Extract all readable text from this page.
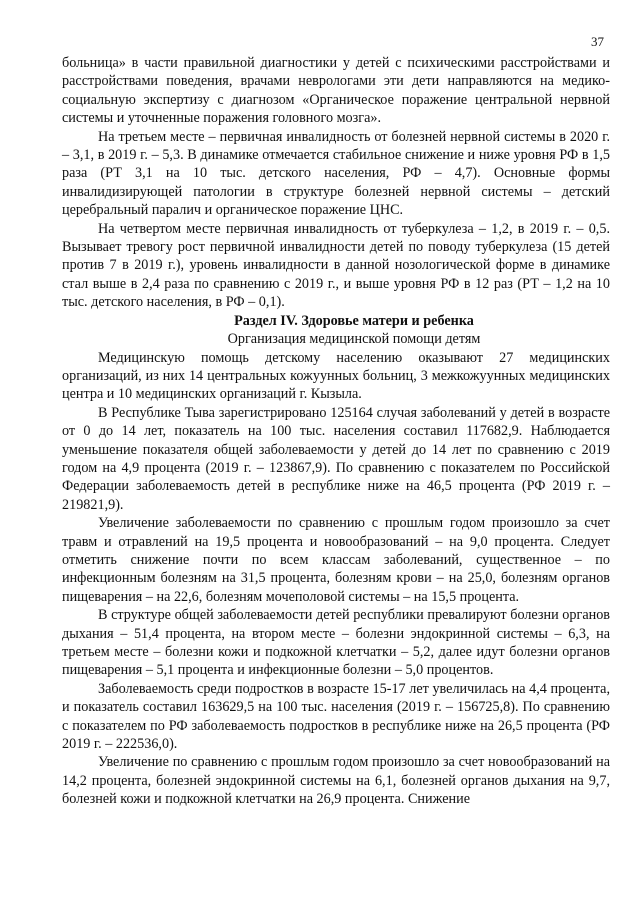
37

больница» в части правильной диагностики у детей с психическими расстройствами и расстройствами поведения, врачами неврологами эти дети направляются на медико-социальную экспертизу с диагнозом «Органическое поражение центральной нервной системы и уточненные поражения головного мозга».

На третьем месте – первичная инвалидность от болезней нервной системы в 2020 г. – 3,1, в 2019 г. – 5,3. В динамике отмечается стабильное снижение и ниже уровня РФ в 1,5 раза (РТ 3,1 на 10 тыс. детского населения, РФ – 4,7). Основные формы инвалидизирующей патологии в структуре болезней нервной системы – детский церебральный паралич и органическое поражение ЦНС.

На четвертом месте первичная инвалидность от туберкулеза – 1,2, в 2019 г. – 0,5. Вызывает тревогу рост первичной инвалидности детей по поводу туберкулеза (15 детей против 7 в 2019 г.), уровень инвалидности в данной нозологической форме в динамике стал выше в 2,4 раза по сравнению с 2019 г., и выше уровня РФ в 12 раз (РТ – 1,2 на 10 тыс. детского населения, в РФ – 0,1).

Раздел IV. Здоровье матери и ребенка

Организация медицинской помощи детям

Медицинскую помощь детскому населению оказывают 27 медицинских организаций, из них 14 центральных кожуунных больниц, 3 межкожуунных медицинских центра и 10 медицинских организаций г. Кызыла.

В Республике Тыва зарегистрировано 125164 случая заболеваний у детей в возрасте от 0 до 14 лет, показатель на 100 тыс. населения составил 117682,9. Наблюдается уменьшение показателя общей заболеваемости у детей до 14 лет по сравнению с 2019 годом на 4,9 процента (2019 г. – 123867,9). По сравнению с показателем по Российской Федерации заболеваемость детей в республике ниже на 46,5 процента (РФ 2019 г. – 219821,9).

Увеличение заболеваемости по сравнению с прошлым годом произошло за счет травм и отравлений на 19,5 процента и новообразований – на 9,0 процента. Следует отметить снижение почти по всем классам заболеваний, существенное – по инфекционным болезням на 31,5 процента, болезням крови – на 25,0, болезням органов пищеварения – на 22,6, болезням мочеполовой системы – на 15,5 процента.

В структуре общей заболеваемости детей республики превалируют болезни органов дыхания – 51,4 процента, на втором месте – болезни эндокринной системы – 6,3, на третьем месте – болезни кожи и подкожной клетчатки – 5,2, далее идут болезни органов пищеварения – 5,1 процента и инфекционные болезни – 5,0 процентов.

Заболеваемость среди подростков в возрасте 15-17 лет увеличилась на 4,4 процента, и показатель составил 163629,5 на 100 тыс. населения (2019 г. – 156725,8). По сравнению с показателем по РФ заболеваемость подростков в республике ниже на 26,5 процента (РФ 2019 г. – 222536,0).

Увеличение по сравнению с прошлым годом произошло за счет новообразований на 14,2 процента, болезней эндокринной системы на 6,1, болезней органов дыхания на 9,7, болезней кожи и подкожной клетчатки на 26,9 процента. Снижение
